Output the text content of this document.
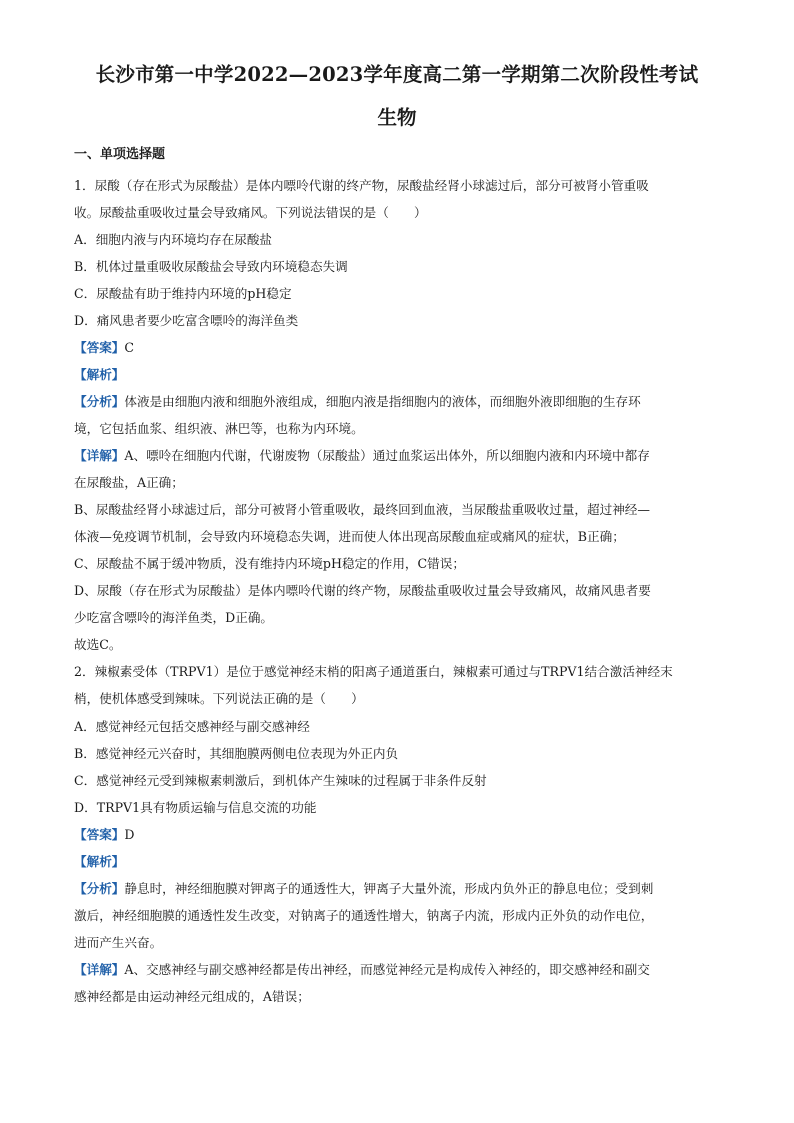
长沙市第一中学2022—2023学年度高二第一学期第二次阶段性考试
生物
一、单项选择题
1．尿酸（存在形式为尿酸盐）是体内嘌呤代谢的终产物，尿酸盐经肾小球滤过后，部分可被肾小管重吸
收。尿酸盐重吸收过量会导致痛风。下列说法错误的是（　　）
A．细胞内液与内环境均存在尿酸盐
B．机体过量重吸收尿酸盐会导致内环境稳态失调
C．尿酸盐有助于维持内环境的pH稳定
D．痛风患者要少吃富含嘌呤的海洋鱼类
【答案】C
【解析】
【分析】体液是由细胞内液和细胞外液组成，细胞内液是指细胞内的液体，而细胞外液即细胞的生存环
境，它包括血浆、组织液、淋巴等，也称为内环境。
【详解】A、嘌呤在细胞内代谢，代谢废物（尿酸盐）通过血浆运出体外，所以细胞内液和内环境中都存
在尿酸盐，A正确；
B、尿酸盐经肾小球滤过后，部分可被肾小管重吸收，最终回到血液，当尿酸盐重吸收过量，超过神经—
体液—免疫调节机制，会导致内环境稳态失调，进而使人体出现高尿酸血症或痛风的症状，B正确；
C、尿酸盐不属于缓冲物质，没有维持内环境pH稳定的作用，C错误；
D、尿酸（存在形式为尿酸盐）是体内嘌呤代谢的终产物，尿酸盐重吸收过量会导致痛风，故痛风患者要
少吃富含嘌呤的海洋鱼类，D正确。
故选C。
2．辣椒素受体（TRPV1）是位于感觉神经末梢的阳离子通道蛋白，辣椒素可通过与TRPV1结合激活神经末
梢，使机体感受到辣味。下列说法正确的是（　　）
A．感觉神经元包括交感神经与副交感神经
B．感觉神经元兴奋时，其细胞膜两侧电位表现为外正内负
C．感觉神经元受到辣椒素刺激后，到机体产生辣味的过程属于非条件反射
D．TRPV1具有物质运输与信息交流的功能
【答案】D
【解析】
【分析】静息时，神经细胞膜对钾离子的通透性大，钾离子大量外流，形成内负外正的静息电位；受到刺
激后，神经细胞膜的通透性发生改变，对钠离子的通透性增大，钠离子内流，形成内正外负的动作电位，
进而产生兴奋。
【详解】A、交感神经与副交感神经都是传出神经，而感觉神经元是构成传入神经的，即交感神经和副交
感神经都是由运动神经元组成的，A错误；
